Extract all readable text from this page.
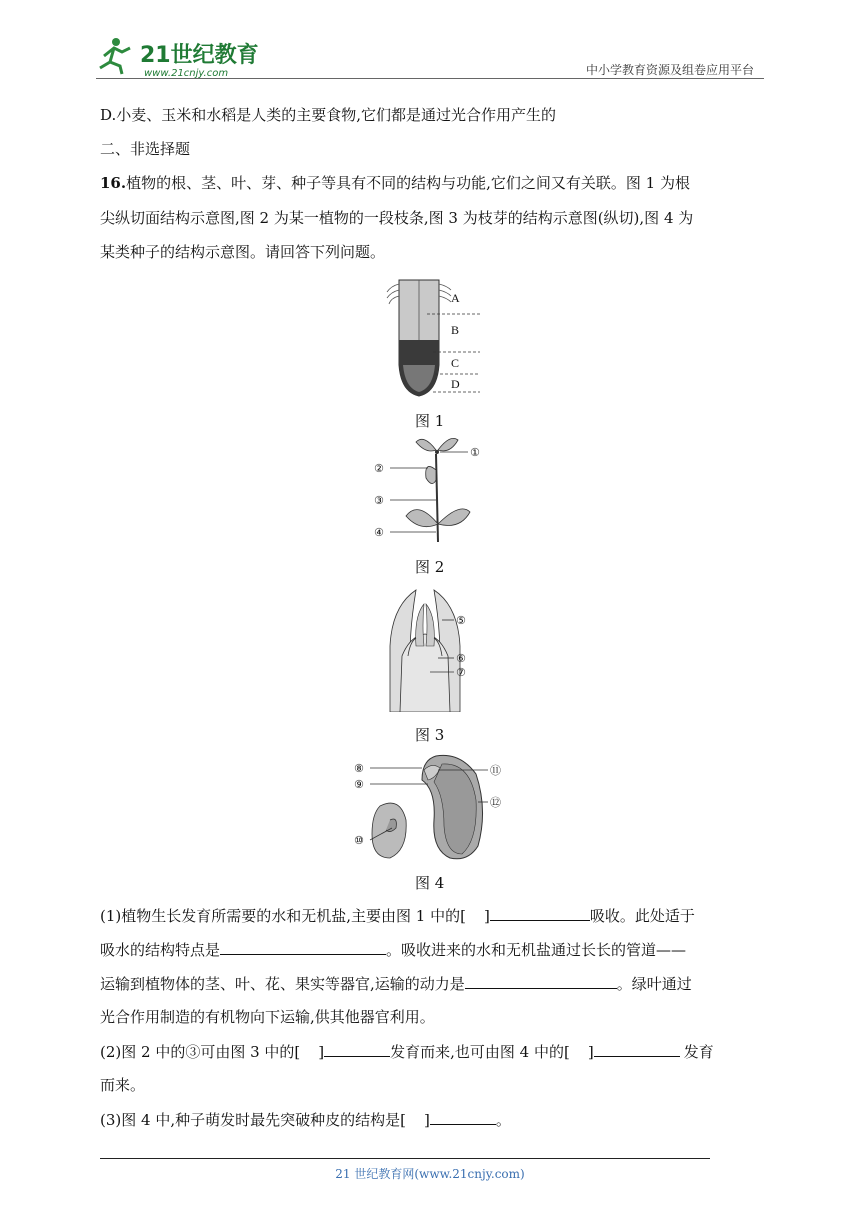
21世纪教育
www.21cnjy.com	中小学教育资源及组卷应用平台
D.小麦、玉米和水稻是人类的主要食物,它们都是通过光合作用产生的
二、非选择题
16.植物的根、茎、叶、芽、种子等具有不同的结构与功能,它们之间又有关联。图 1 为根
尖纵切面结构示意图,图 2 为某一植物的一段枝条,图 3 为枝芽的结构示意图(纵切),图 4 为
某类种子的结构示意图。请回答下列问题。
A
B
C
D
图 1
①
②
③
④
图 2
⑤
⑥
⑦
图 3
⑧
⑨
⑪
⑫
⑩
图 4
(1)植物生长发育所需要的水和无机盐,主要由图 1 中的[ ]	吸收。此处适于
吸水的结构特点是	。吸收进来的水和无机盐通过长长的管道——
运输到植物体的茎、叶、花、果实等器官,运输的动力是	。绿叶通过
光合作用制造的有机物向下运输,供其他器官利用。
(2)图 2 中的③可由图 3 中的[ ]	发育而来,也可由图 4 中的[ ]	发育
而来。
(3)图 4 中,种子萌发时最先突破种皮的结构是[ ]	。
21 世纪教育网(www.21cnjy.com)
